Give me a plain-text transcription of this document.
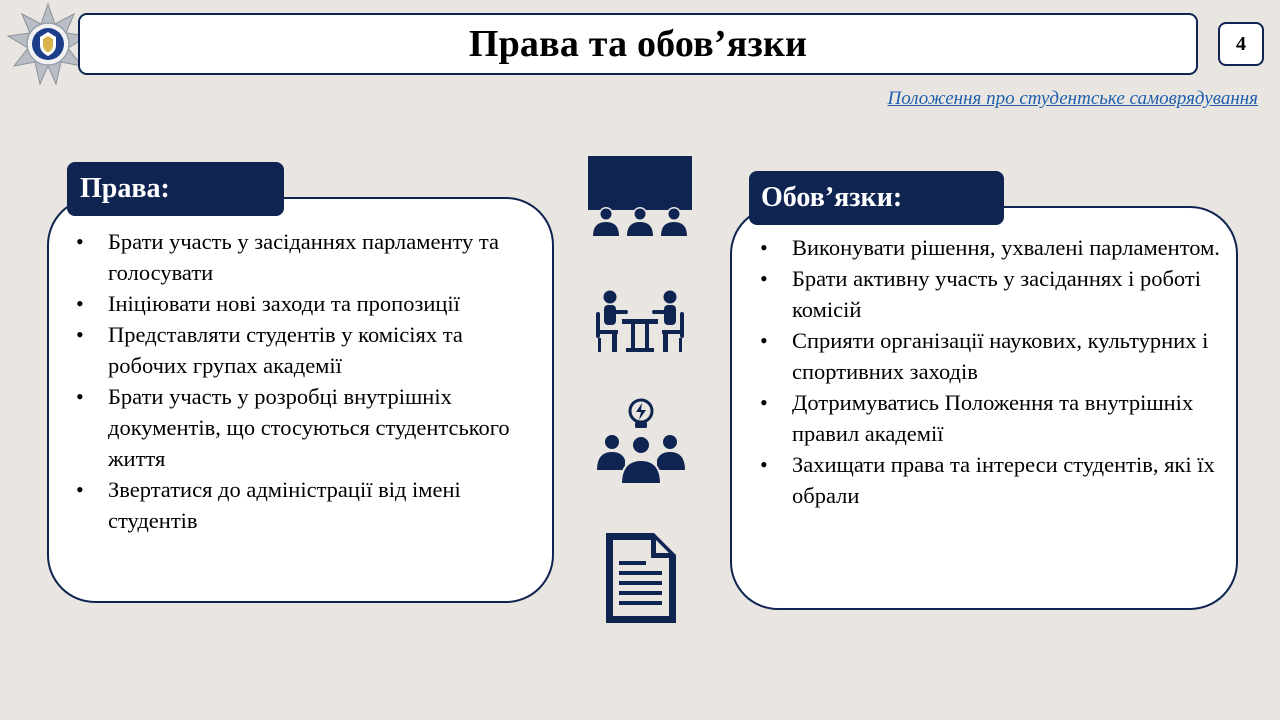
Права та обов’язки	4
Положення про студентське самоврядування
Права:
• Брати участь у засіданнях парламенту та голосувати
• Ініціювати нові заходи та пропозиції
• Представляти студентів у комісіях та робочих групах академії
• Брати участь у розробці внутрішніх документів, що стосуються студентського життя
• Звертатися до адміністрації від імені студентів
Обов’язки:
• Виконувати рішення, ухвалені парламентом.
• Брати активну участь у засіданнях і роботі комісій
• Сприяти організації наукових, культурних і спортивних заходів
• Дотримуватись Положення та внутрішніх правил академії
• Захищати права та інтереси студентів, які їх обрали
